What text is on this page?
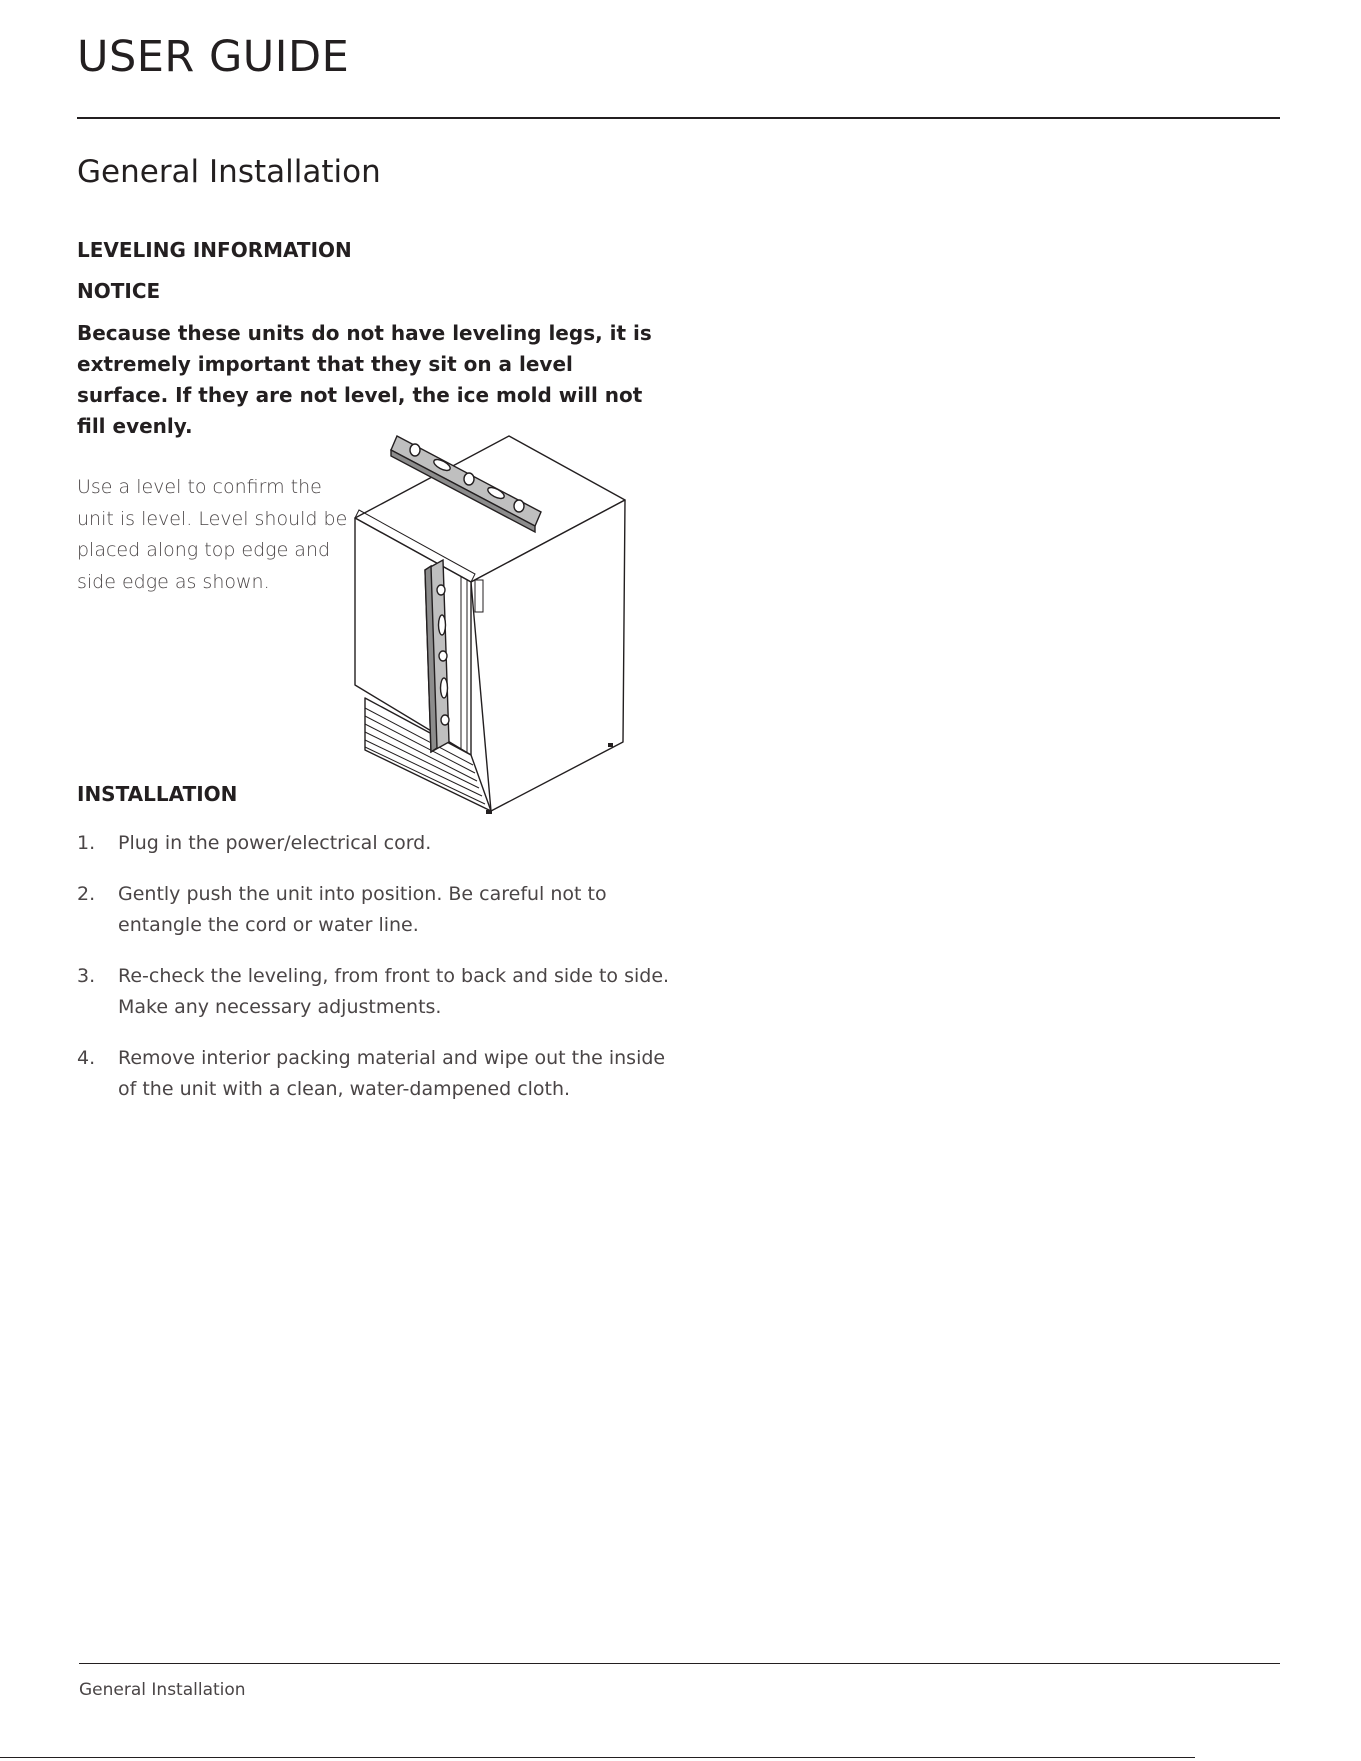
USER GUIDE
General Installation
LEVELING INFORMATION
NOTICE

Because these units do not have leveling legs, it is extremely important that they sit on a level surface. If they are not level, the ice mold will not fill evenly.

Use a level to confirm the unit is level. Level should be placed along top edge and side edge as shown.

INSTALLATION
1. Plug in the power/electrical cord.
2. Gently push the unit into position. Be careful not to entangle the cord or water line.
3. Re-check the leveling, from front to back and side to side. Make any necessary adjustments.
4. Remove interior packing material and wipe out the inside of the unit with a clean, water-dampened cloth.

General Installation
